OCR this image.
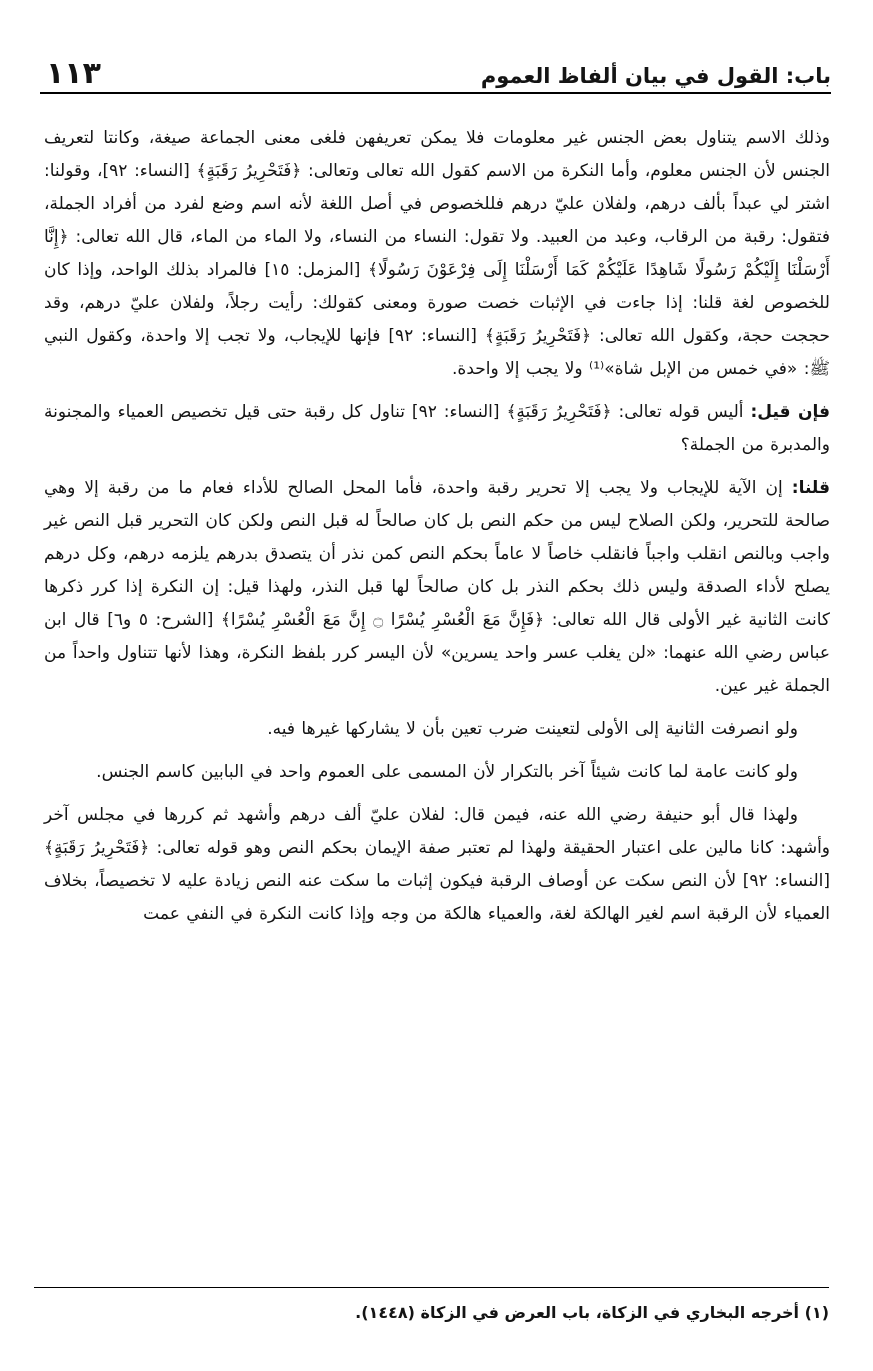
باب: القول في بيان ألفاظ العموم
١١٣

وذلك الاسم يتناول بعض الجنس غير معلومات فلا يمكن تعريفهن فلغى معنى الجماعة صيغة، وكانتا لتعريف الجنس لأن الجنس معلوم، وأما النكرة من الاسم كقول الله تعالى وتعالى: ﴿فَتَحْرِيرُ رَقَبَةٍ﴾ [النساء: ٩٢]، وقولنا: اشتر لي عبداً بألف درهم، ولفلان عليّ درهم فللخصوص في أصل اللغة لأنه اسم وضع لفرد من أفراد الجملة، فتقول: رقبة من الرقاب، وعبد من العبيد. ولا تقول: النساء من النساء، ولا الماء من الماء، قال الله تعالى: ﴿إِنَّا أَرْسَلْنَا إِلَيْكُمْ رَسُولًا شَاهِدًا عَلَيْكُمْ كَمَا أَرْسَلْنَا إِلَى فِرْعَوْنَ رَسُولًا﴾ [المزمل: ١٥] فالمراد بذلك الواحد، وإذا كان للخصوص لغة قلنا: إذا جاءت في الإثبات خصت صورة ومعنى كقولك: رأيت رجلاً، ولفلان عليّ درهم، وقد حججت حجة، وكقول الله تعالى: ﴿فَتَحْرِيرُ رَقَبَةٍ﴾ [النساء: ٩٢] فإنها للإيجاب، ولا تجب إلا واحدة، وكقول النبي ﷺ: «في خمس من الإبل شاة»⁽¹⁾ ولا يجب إلا واحدة.

فإن قيل: أليس قوله تعالى: ﴿فَتَحْرِيرُ رَقَبَةٍ﴾ [النساء: ٩٢] تناول كل رقبة حتى قيل تخصيص العمياء والمجنونة والمدبرة من الجملة؟

قلنا: إن الآية للإيجاب ولا يجب إلا تحرير رقبة واحدة، فأما المحل الصالح للأداء فعام ما من رقبة إلا وهي صالحة للتحرير، ولكن الصلاح ليس من حكم النص بل كان صالحاً له قبل النص ولكن كان التحرير قبل النص غير واجب وبالنص انقلب واجباً فانقلب خاصاً لا عاماً بحكم النص كمن نذر أن يتصدق بدرهم يلزمه درهم، وكل درهم يصلح لأداء الصدقة وليس ذلك بحكم النذر بل كان صالحاً لها قبل النذر، ولهذا قيل: إن النكرة إذا كرر ذكرها كانت الثانية غير الأولى قال الله تعالى: ﴿فَإِنَّ مَعَ الْعُسْرِ يُسْرًا ۝ إِنَّ مَعَ الْعُسْرِ يُسْرًا﴾ [الشرح: ٥ و٦] قال ابن عباس رضي الله عنهما: «لن يغلب عسر واحد يسرين» لأن اليسر كرر بلفظ النكرة، وهذا لأنها تتناول واحداً من الجملة غير عين.

ولو انصرفت الثانية إلى الأولى لتعينت ضرب تعين بأن لا يشاركها غيرها فيه.

ولو كانت عامة لما كانت شيئاً آخر بالتكرار لأن المسمى على العموم واحد في البابين كاسم الجنس.

ولهذا قال أبو حنيفة رضي الله عنه، فيمن قال: لفلان عليّ ألف درهم وأشهد ثم كررها في مجلس آخر وأشهد: كانا مالين على اعتبار الحقيقة ولهذا لم تعتبر صفة الإيمان بحكم النص وهو قوله تعالى: ﴿فَتَحْرِيرُ رَقَبَةٍ﴾ [النساء: ٩٢] لأن النص سكت عن أوصاف الرقبة فيكون إثبات ما سكت عنه النص زيادة عليه لا تخصيصاً، بخلاف العمياء لأن الرقبة اسم لغير الهالكة لغة، والعمياء هالكة من وجه وإذا كانت النكرة في النفي عمت

(١) أخرجه البخاري في الزكاة، باب العرض في الزكاة (١٤٤٨).
